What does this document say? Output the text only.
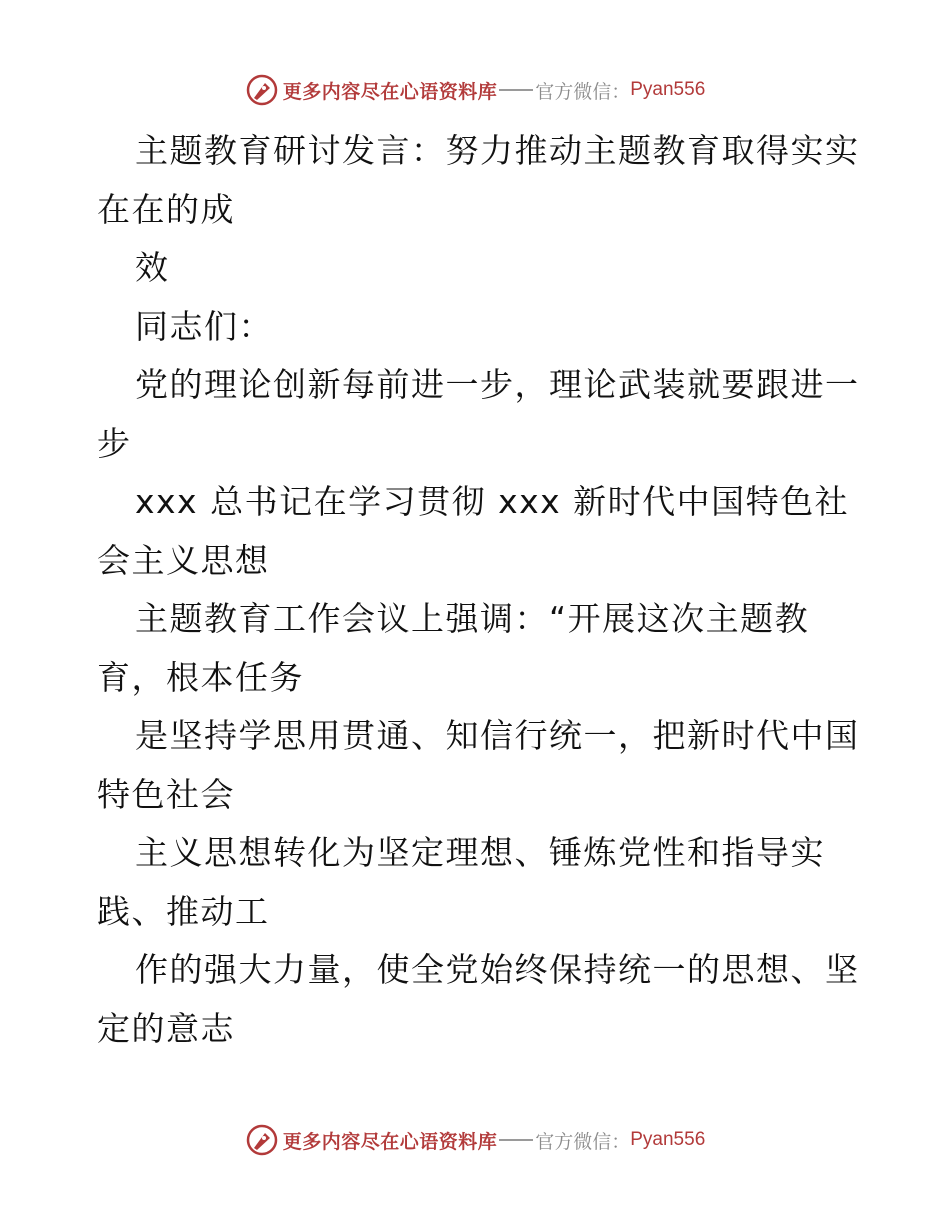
更多内容尽在心语资料库 官方微信： Pyan556
主题教育研讨发言：努力推动主题教育取得实实
在在的成
效
同志们：
党的理论创新每前进一步，理论武装就要跟进一
步
xxx 总书记在学习贯彻 xxx 新时代中国特色社
会主义思想
主题教育工作会议上强调：“开展这次主题教
育，根本任务
是坚持学思用贯通、知信行统一，把新时代中国
特色社会
主义思想转化为坚定理想、锤炼党性和指导实
践、推动工
作的强大力量，使全党始终保持统一的思想、坚
定的意志
更多内容尽在心语资料库 官方微信： Pyan556
